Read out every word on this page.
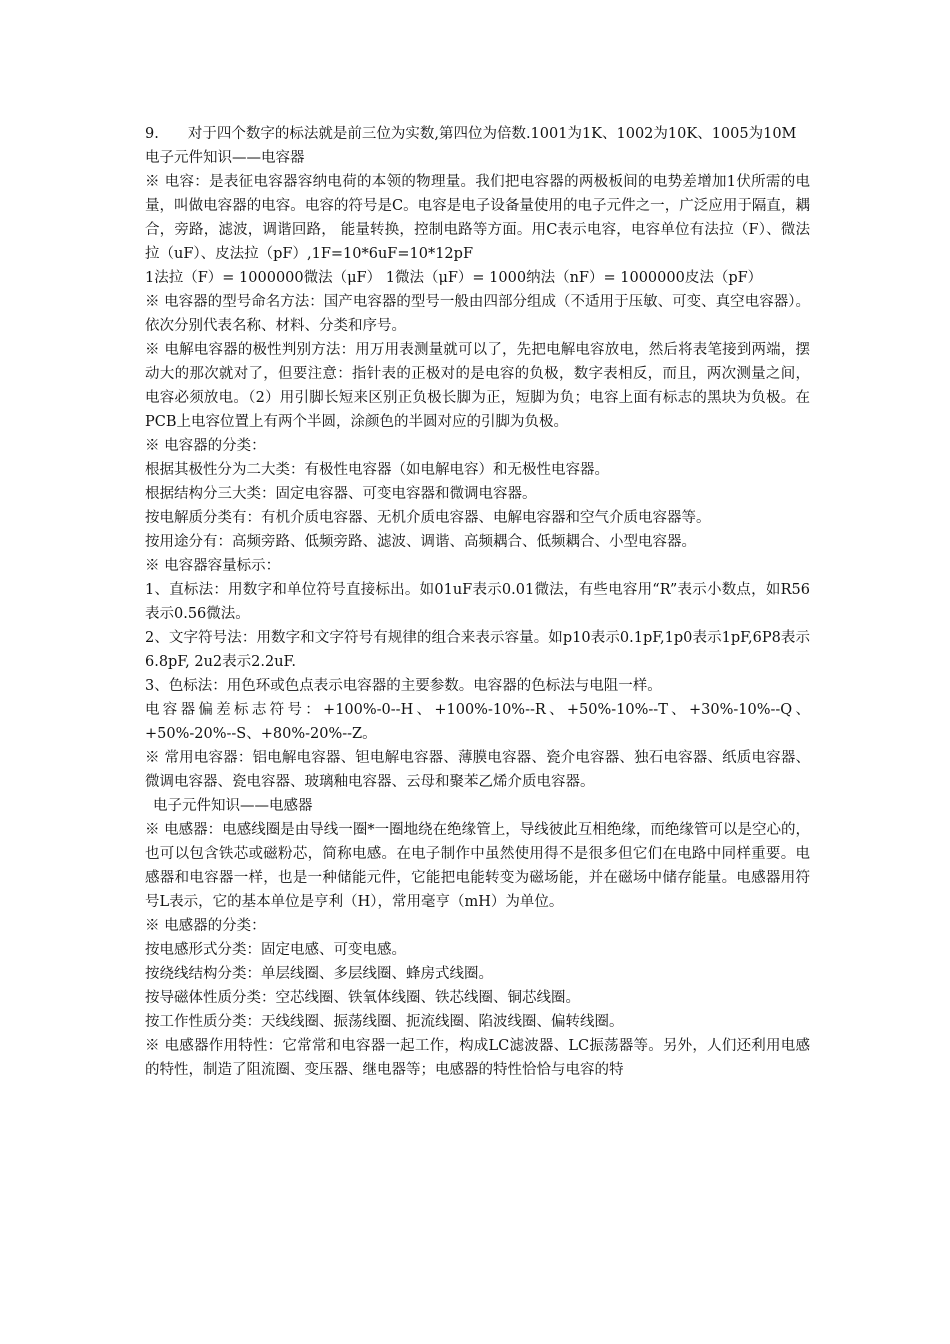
9.　　对于四个数字的标法就是前三位为实数,第四位为倍数.1001为1K、1002为10K、1005为10M

电子元件知识——电容器

※ 电容：是表征电容器容纳电荷的本领的物理量。我们把电容器的两极板间的电势差增加1伏所需的电量，叫做电容器的电容。电容的符号是C。电容是电子设备量使用的电子元件之一，广泛应用于隔直，耦合，旁路，滤波，调谐回路， 能量转换，控制电路等方面。用C表示电容，电容单位有法拉（F）、微法拉（uF）、皮法拉（pF）,1F=10*6uF=10*12pF

1法拉（F）= 1000000微法（μF） 1微法（μF）= 1000纳法（nF）= 1000000皮法（pF）

※ 电容器的型号命名方法：国产电容器的型号一般由四部分组成（不适用于压敏、可变、真空电容器）。依次分别代表名称、材料、分类和序号。

※ 电解电容器的极性判别方法：用万用表测量就可以了，先把电解电容放电，然后将表笔接到两端，摆动大的那次就对了，但要注意：指针表的正极对的是电容的负极，数字表相反，而且，两次测量之间，电容必须放电。（2）用引脚长短来区别正负极长脚为正，短脚为负；电容上面有标志的黑块为负极。在PCB上电容位置上有两个半圆，涂颜色的半圆对应的引脚为负极。

※ 电容器的分类：

根据其极性分为二大类：有极性电容器（如电解电容）和无极性电容器。

根据结构分三大类：固定电容器、可变电容器和微调电容器。

按电解质分类有：有机介质电容器、无机介质电容器、电解电容器和空气介质电容器等。

按用途分有：高频旁路、低频旁路、滤波、调谐、高频耦合、低频耦合、小型电容器。

※ 电容器容量标示：

1、直标法：用数字和单位符号直接标出。如01uF表示0.01微法，有些电容用“R”表示小数点，如R56表示0.56微法。

2、文字符号法：用数字和文字符号有规律的组合来表示容量。如p10表示0.1pF,1p0表示1pF,6P8表示6.8pF, 2u2表示2.2uF.

3、色标法：用色环或色点表示电容器的主要参数。电容器的色标法与电阻一样。

电容器偏差标志符号：+100%-0--H、+100%-10%--R、+50%-10%--T、+30%-10%--Q、+50%-20%--S、+80%-20%--Z。

※ 常用电容器：铝电解电容器、钽电解电容器、薄膜电容器、瓷介电容器、独石电容器、纸质电容器、微调电容器、瓷电容器、玻璃釉电容器、云母和聚苯乙烯介质电容器。

电子元件知识——电感器

※ 电感器：电感线圈是由导线一圈*一圈地绕在绝缘管上，导线彼此互相绝缘，而绝缘管可以是空心的，也可以包含铁芯或磁粉芯，简称电感。在电子制作中虽然使用得不是很多但它们在电路中同样重要。电感器和电容器一样，也是一种储能元件，它能把电能转变为磁场能，并在磁场中储存能量。电感器用符号L表示，它的基本单位是亨利（H），常用毫亨（mH）为单位。

※ 电感器的分类：

按电感形式分类：固定电感、可变电感。

按绕线结构分类：单层线圈、多层线圈、蜂房式线圈。

按导磁体性质分类：空芯线圈、铁氧体线圈、铁芯线圈、铜芯线圈。

按工作性质分类：天线线圈、振荡线圈、扼流线圈、陷波线圈、偏转线圈。

※ 电感器作用特性：它常常和电容器一起工作，构成LC滤波器、LC振荡器等。另外，人们还利用电感的特性，制造了阻流圈、变压器、继电器等；电感器的特性恰恰与电容的特
